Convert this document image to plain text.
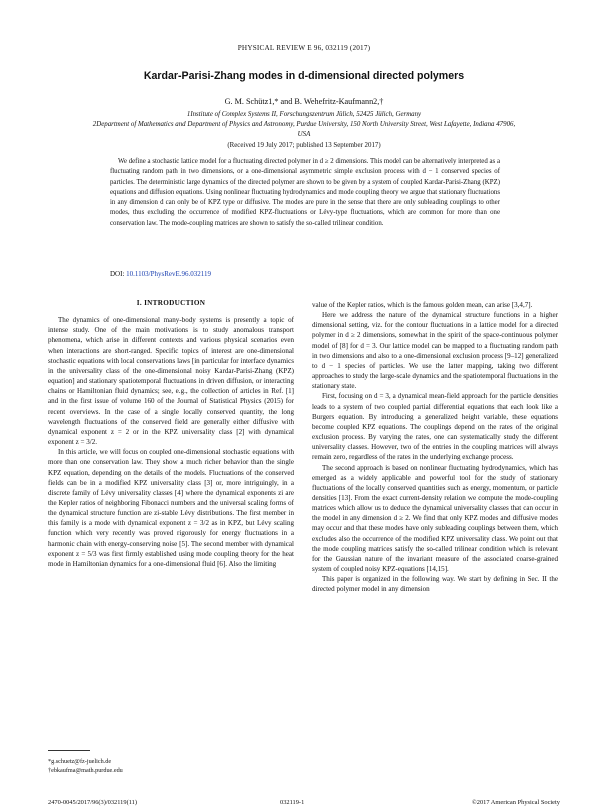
PHYSICAL REVIEW E 96, 032119 (2017)
Kardar-Parisi-Zhang modes in d-dimensional directed polymers
G. M. Schütz1,* and B. Wehefritz-Kaufmann2,†
1Institute of Complex Systems II, Forschungszentrum Jülich, 52425 Jülich, Germany
2Department of Mathematics and Department of Physics and Astronomy, Purdue University, 150 North University Street, West Lafayette, Indiana 47906, USA
(Received 19 July 2017; published 13 September 2017)
We define a stochastic lattice model for a fluctuating directed polymer in d ≥ 2 dimensions. This model can be alternatively interpreted as a fluctuating random path in two dimensions, or a one-dimensional asymmetric simple exclusion process with d − 1 conserved species of particles. The deterministic large dynamics of the directed polymer are shown to be given by a system of coupled Kardar-Parisi-Zhang (KPZ) equations and diffusion equations. Using nonlinear fluctuating hydrodynamics and mode coupling theory we argue that stationary fluctuations in any dimension d can only be of KPZ type or diffusive. The modes are pure in the sense that there are only subleading couplings to other modes, thus excluding the occurrence of modified KPZ-fluctuations or Lévy-type fluctuations, which are common for more than one conservation law. The mode-coupling matrices are shown to satisfy the so-called trilinear condition.
DOI: 10.1103/PhysRevE.96.032119
I. INTRODUCTION

The dynamics of one-dimensional many-body systems is presently a topic of intense study. One of the main motivations is to study anomalous transport phenomena, which arise in different contexts and various physical scenarios even when interactions are short-ranged. Specific topics of interest are one-dimensional stochastic equations with local conservations laws [in particular for interface dynamics in the universality class of the one-dimensional noisy Kardar-Parisi-Zhang (KPZ) equation] and stationary spatiotemporal fluctuations in driven diffusion, or interacting chains or Hamiltonian fluid dynamics; see, e.g., the collection of articles in Ref. [1] and in the first issue of volume 160 of the Journal of Statistical Physics (2015) for recent overviews. In the case of a single locally conserved quantity, the long wavelength fluctuations of the conserved field are generally either diffusive with dynamical exponent z = 2 or in the KPZ universality class [2] with dynamical exponent z = 3/2.

In this article, we will focus on coupled one-dimensional stochastic equations with more than one conservation law. They show a much richer behavior than the single KPZ equation, depending on the details of the models. Fluctuations of the conserved fields can be in a modified KPZ universality class [3] or, more intriguingly, in a discrete family of Lévy universality classes [4] where the dynamical exponents zi are the Kepler ratios of neighboring Fibonacci numbers and the universal scaling forms of the dynamical structure function are zi-stable Lévy distributions. The first member in this family is a mode with dynamical exponent z = 3/2 as in KPZ, but Lévy scaling function which very recently was proved rigorously for energy fluctuations in a harmonic chain with energy-conserving noise [5]. The second member with dynamical exponent z = 5/3 was first firmly established using mode coupling theory for the heat mode in Hamiltonian dynamics for a one-dimensional fluid [6]. Also the limiting

value of the Kepler ratios, which is the famous golden mean, can arise [3,4,7].

Here we address the nature of the dynamical structure functions in a higher dimensional setting, viz. for the contour fluctuations in a lattice model for a directed polymer in d ≥ 2 dimensions, somewhat in the spirit of the space-continuous polymer model of [8] for d = 3. Our lattice model can be mapped to a fluctuating random path in two dimensions and also to a one-dimensional exclusion process [9–12] generalized to d − 1 species of particles. We use the latter mapping, taking two different approaches to study the large-scale dynamics and the spatiotemporal fluctuations in the stationary state.

First, focusing on d = 3, a dynamical mean-field approach for the particle densities leads to a system of two coupled partial differential equations that each look like a Burgers equation. By introducing a generalized height variable, these equations become coupled KPZ equations. The couplings depend on the rates of the original exclusion process. By varying the rates, one can systematically study the different universality classes. However, two of the entries in the coupling matrices will always remain zero, regardless of the rates in the underlying exchange process.

The second approach is based on nonlinear fluctuating hydrodynamics, which has emerged as a widely applicable and powerful tool for the study of stationary fluctuations of the locally conserved quantities such as energy, momentum, or particle densities [13]. From the exact current-density relation we compute the mode-coupling matrices which allow us to deduce the dynamical universality classes that can occur in the model in any dimension d ≥ 2. We find that only KPZ modes and diffusive modes may occur and that these modes have only subleading couplings between them, which excludes also the occurrence of the modified KPZ universality class. We point out that the mode coupling matrices satisfy the so-called trilinear condition which is relevant for the Gaussian nature of the invariant measure of the associated coarse-grained system of coupled noisy KPZ-equations [14,15].

This paper is organized in the following way. We start by defining in Sec. II the directed polymer model in any dimension

*g.schuetz@fz-juelich.de
†ebkaufma@math.purdue.edu
2470-0045/2017/96(3)/032119(11)	032119-1	©2017 American Physical Society
